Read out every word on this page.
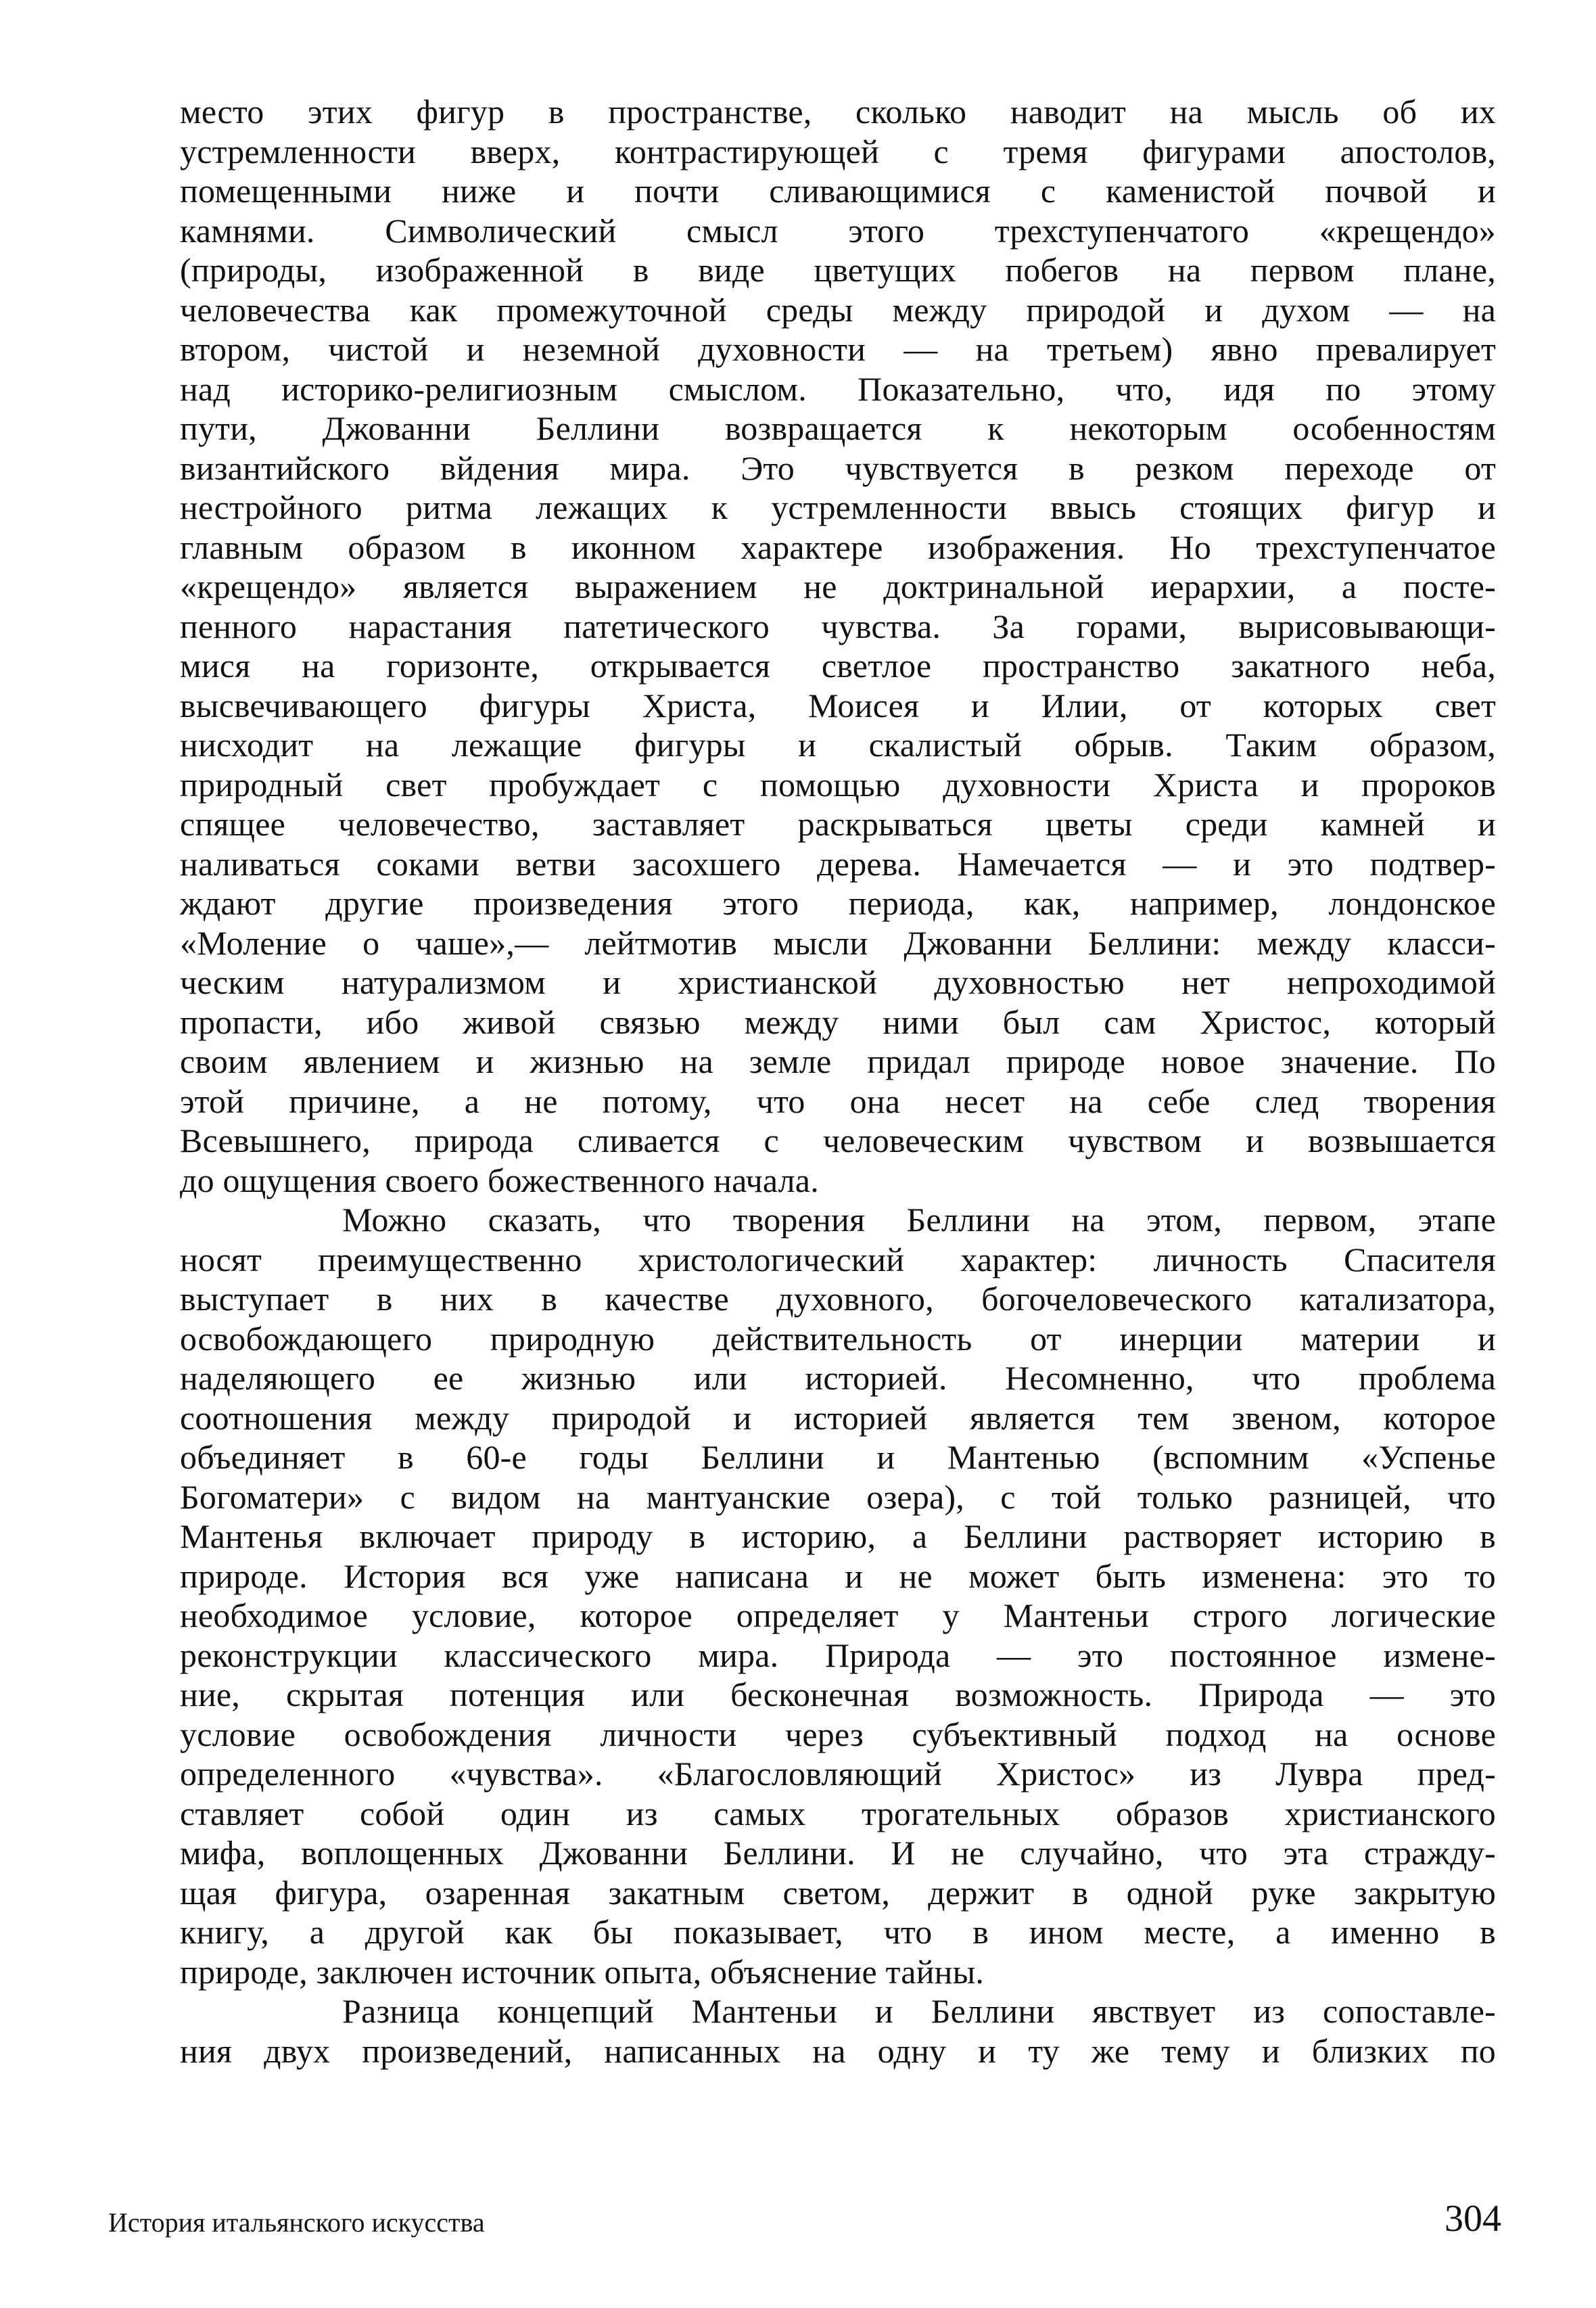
место этих фигур в пространстве, сколько наводит на мысль об их
устремленности вверх, контрастирующей с тремя фигурами апостолов,
помещенными ниже и почти сливающимися с каменистой почвой и
камнями. Символический смысл этого трехступенчатого «крещендо»
(природы, изображенной в виде цветущих побегов на первом плане,
человечества как промежуточной среды между природой и духом — на
втором, чистой и неземной духовности — на третьем) явно превалирует
над историко-религиозным смыслом. Показательно, что, идя по этому
пути, Джованни Беллини возвращается к некоторым особенностям
византийского вйдения мира. Это чувствуется в резком переходе от
нестройного ритма лежащих к устремленности ввысь стоящих фигур и
главным образом в иконном характере изображения. Но трехступенчатое
«крещендо» является выражением не доктринальной иерархии, а посте-
пенного нарастания патетического чувства. За горами, вырисовывающи-
мися на горизонте, открывается светлое пространство закатного неба,
высвечивающего фигуры Христа, Моисея и Илии, от которых свет
нисходит на лежащие фигуры и скалистый обрыв. Таким образом,
природный свет пробуждает с помощью духовности Христа и пророков
спящее человечество, заставляет раскрываться цветы среди камней и
наливаться соками ветви засохшего дерева. Намечается — и это подтвер-
ждают другие произведения этого периода, как, например, лондонское
«Моление о чаше»,— лейтмотив мысли Джованни Беллини: между класси-
ческим натурализмом и христианской духовностью нет непроходимой
пропасти, ибо живой связью между ними был сам Христос, который
своим явлением и жизнью на земле придал природе новое значение. По
этой причине, а не потому, что она несет на себе след творения
Всевышнего, природа сливается с человеческим чувством и возвышается
до ощущения своего божественного начала.
Можно сказать, что творения Беллини на этом, первом, этапе
носят преимущественно христологический характер: личность Спасителя
выступает в них в качестве духовного, богочеловеческого катализатора,
освобождающего природную действительность от инерции материи и
наделяющего ее жизнью или историей. Несомненно, что проблема
соотношения между природой и историей является тем звеном, которое
объединяет в 60-е годы Беллини и Мантенью (вспомним «Успенье
Богоматери» с видом на мантуанские озера), с той только разницей, что
Мантенья включает природу в историю, а Беллини растворяет историю в
природе. История вся уже написана и не может быть изменена: это то
необходимое условие, которое определяет у Мантеньи строго логические
реконструкции классического мира. Природа — это постоянное измене-
ние, скрытая потенция или бесконечная возможность. Природа — это
условие освобождения личности через субъективный подход на основе
определенного «чувства». «Благословляющий Христос» из Лувра пред-
ставляет собой один из самых трогательных образов христианского
мифа, воплощенных Джованни Беллини. И не случайно, что эта стражду-
щая фигура, озаренная закатным светом, держит в одной руке закрытую
книгу, а другой как бы показывает, что в ином месте, а именно в
природе, заключен источник опыта, объяснение тайны.
Разница концепций Мантеньи и Беллини явствует из сопоставле-
ния двух произведений, написанных на одну и ту же тему и близких по
История итальянского искусства	304
